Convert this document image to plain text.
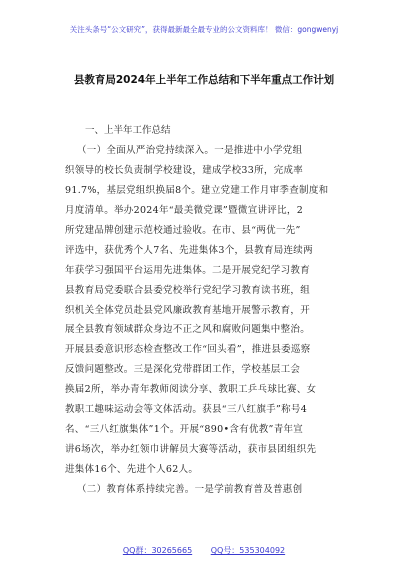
关注头条号“公文研究”，获得最新最全最专业的公文资料库！ 微信：gongwenyj
县教育局2024年上半年工作总结和下半年重点工作计划
一、上半年工作总结
（一）全面从严治党持续深入。一是推进中小学党组
织领导的校长负责制学校建设，建成学校33所，完成率
91.7%，基层党组织换届8个。建立党建工作月审季查制度和
月度清单。举办2024年“最美微党课”暨微宣讲评比，2
所党建品牌创建示范校通过验收。在市、县“两优一先”
评选中，获优秀个人7名、先进集体3个，县教育局连续两
年获学习强国平台运用先进集体。二是开展党纪学习教育
县教育局党委联合县委党校举行党纪学习教育读书班，组
织机关全体党员赴县党风廉政教育基地开展警示教育，开
展全县教育领域群众身边不正之风和腐败问题集中整治。
开展县委意识形态检查整改工作“回头看”，推进县委巡察
反馈问题整改。三是深化党带群团工作，学校基层工会
换届2所，举办青年教师阅读分享、教职工乒乓球比赛、女
教职工趣味运动会等文体活动。获县“三八红旗手”称号4
名、“三八红旗集体”1个。开展“890•含有优教”青年宣
讲6场次，举办红领巾讲解员大赛等活动，获市县团组织先
进集体16个、先进个人62人。
（二）教育体系持续完善。一是学前教育普及普惠创
QQ群：30265665 QQ号：535304092
